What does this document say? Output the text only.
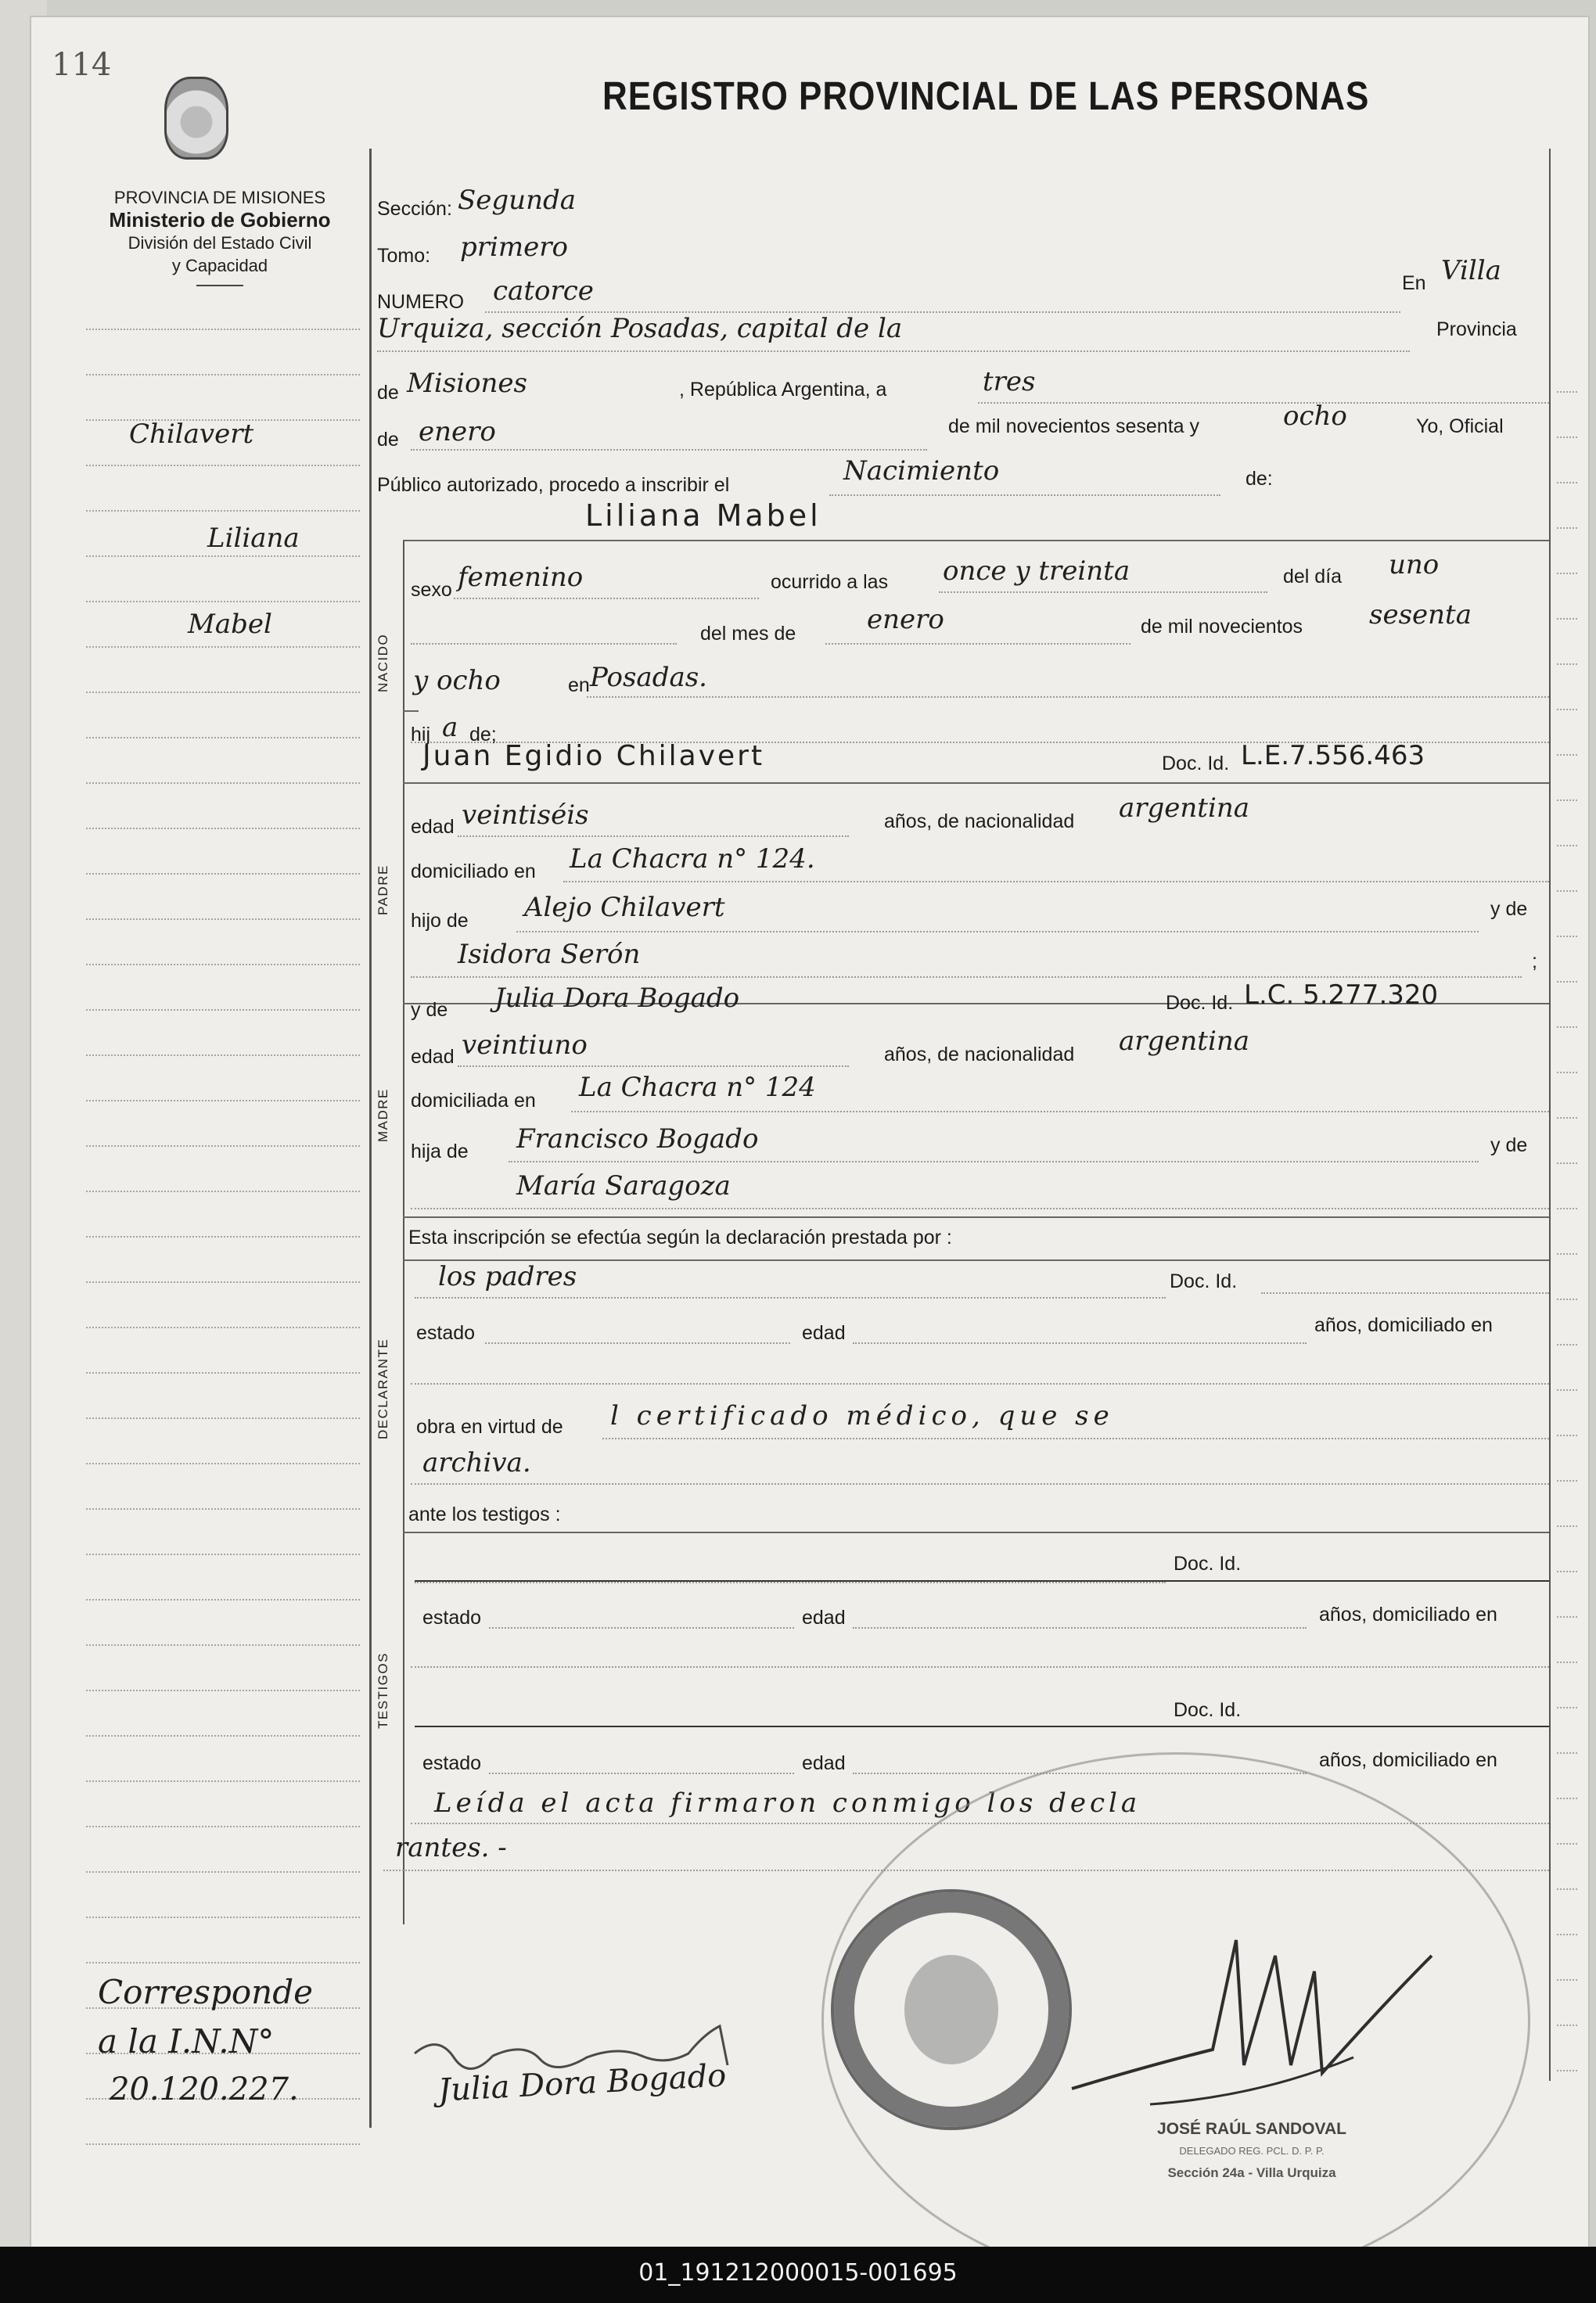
114
REGISTRO PROVINCIAL DE LAS PERSONAS
PROVINCIA DE MISIONES
Ministerio de Gobierno
División del Estado Civil
y Capacidad
Chilavert
Liliana
Mabel
Corresponde
a la I.N.N°
20.120.227.
Sección: Segunda
Tomo: primero
NUMERO catorce	En Villa
Urquiza, sección Posadas, capital de la	Provincia
de Misiones	, República Argentina, a	tres
de enero	de mil novecientos sesenta y	ocho	Yo, Oficial
Público autorizado, procedo a inscribir el	Nacimiento	de:
NACIDO
Liliana Mabel
sexo femenino	ocurrido a las once y treinta	del día uno
del mes de	enero	de mil novecientos sesenta
y ocho	en Posadas.
hij a de;
PADRE
Juan Egidio Chilavert	Doc. Id. L.E.7.556.463
edad veintiséis	años, de nacionalidad argentina
domiciliado en La Chacra n° 124.
hijo de Alejo Chilavert	y de
Isidora Serón	;
MADRE
y de Julia Dora Bogado	Doc. Id. L.C. 5.277.320
edad veintiuno	años, de nacionalidad argentina
domiciliada en La Chacra n° 124
hija de Francisco Bogado	y de
María Saragoza
Esta inscripción se efectúa según la declaración prestada por :
DECLARANTE
los padres	Doc. Id.
estado	edad	años, domiciliado en
obra en virtud de l certificado médico, que se
archiva.
ante los testigos :
TESTIGOS
Doc. Id.
estado	edad	años, domiciliado en
Doc. Id.
estado	edad	años, domiciliado en
Leída el acta firmaron conmigo los decla
rantes. -
Julia Dora Bogado
JOSÉ RAÚL SANDOVAL
DELEGADO REG. PCL. D. P. P.
Sección 24a - Villa Urquiza
01_191212000015-001695
